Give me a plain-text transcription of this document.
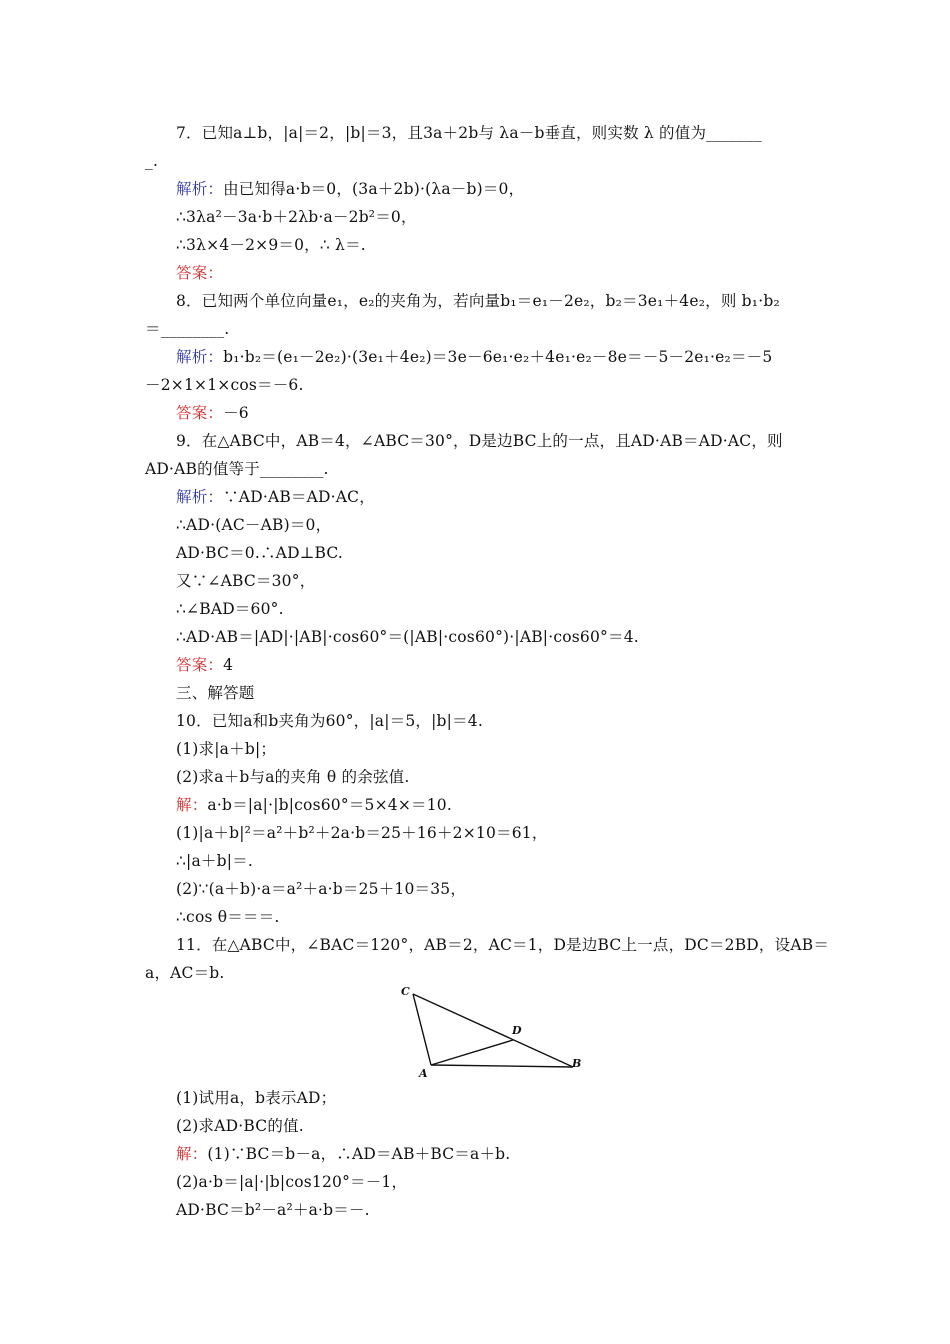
7．已知a⊥b，|a|＝2，|b|＝3，且3a＋2b与 λa－b垂直，则实数 λ 的值为_______
_.
解析：由已知得a·b＝0，(3a＋2b)·(λa－b)＝0，
∴3λa²－3a·b＋2λb·a－2b²＝0，
∴3λ×4－2×9＝0，∴ λ＝.
答案：
8．已知两个单位向量e₁，e₂的夹角为，若向量b₁＝e₁－2e₂，b₂＝3e₁＋4e₂，则 b₁·b₂
＝________.
解析：b₁·b₂＝(e₁－2e₂)·(3e₁＋4e₂)＝3e－6e₁·e₂＋4e₁·e₂－8e＝－5－2e₁·e₂＝－5
－2×1×1×cos＝－6.
答案：－6
9．在△ABC中，AB＝4，∠ABC＝30°，D是边BC上的一点，且AD·AB＝AD·AC，则
AD·AB的值等于________.
解析：∵AD·AB＝AD·AC，
∴AD·(AC－AB)＝0，
AD·BC＝0.∴AD⊥BC.
又∵∠ABC＝30°，
∴∠BAD＝60°.
∴AD·AB＝|AD|·|AB|·cos60°＝(|AB|·cos60°)·|AB|·cos60°＝4.
答案：4
三、解答题
10．已知a和b夹角为60°，|a|＝5，|b|＝4.
(1)求|a＋b|；
(2)求a＋b与a的夹角 θ 的余弦值.
解：a·b＝|a|·|b|cos60°＝5×4×＝10.
(1)|a＋b|²＝a²＋b²＋2a·b＝25＋16＋2×10＝61，
∴|a＋b|＝.
(2)∵(a＋b)·a＝a²＋a·b＝25＋10＝35，
∴cos θ＝＝＝.
11．在△ABC中，∠BAC＝120°，AB＝2，AC＝1，D是边BC上一点，DC＝2BD，设AB＝
a，AC＝b.
C
D
A
B
(1)试用a，b表示AD；
(2)求AD·BC的值.
解：(1)∵BC＝b－a，∴AD＝AB＋BC＝a＋b.
(2)a·b＝|a|·|b|cos120°＝－1，
AD·BC＝b²－a²＋a·b＝－.
